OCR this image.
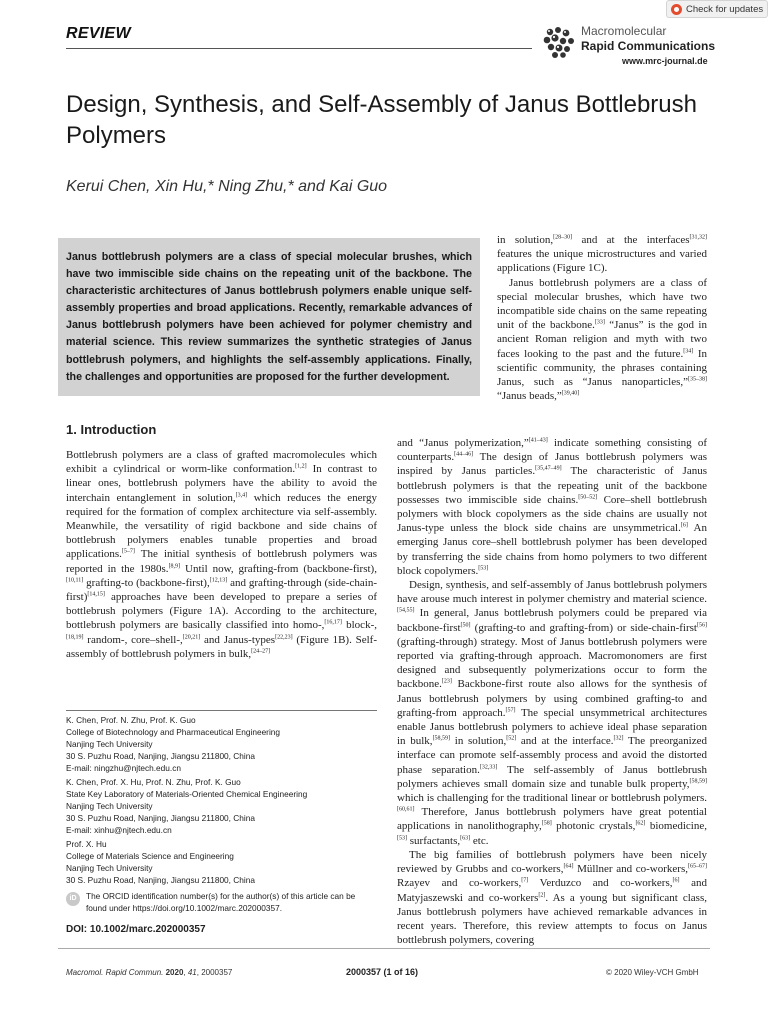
Check for updates
REVIEW	Macromolecular
Rapid Communications
www.mrc-journal.de
Design, Synthesis, and Self-Assembly of Janus Bottlebrush Polymers
Kerui Chen, Xin Hu,* Ning Zhu,* and Kai Guo

Janus bottlebrush polymers are a class of special molecular brushes, which have two immiscible side chains on the repeating unit of the backbone. The characteristic architectures of Janus bottlebrush polymers enable unique self-assembly properties and broad applications. Recently, remarkable advances of Janus bottlebrush polymers have been achieved for polymer chemistry and material science. This review summarizes the synthetic strategies of Janus bottlebrush polymers, and highlights the self-assembly applications. Finally, the challenges and opportunities are proposed for the further development.

1. Introduction

Bottlebrush polymers are a class of grafted macromolecules which exhibit a cylindrical or worm-like conformation.[1,2] In contrast to linear ones, bottlebrush polymers have the ability to avoid the interchain entanglement in solution,[3,4] which reduces the energy required for the formation of complex architecture via self-assembly. Meanwhile, the versatility of rigid backbone and side chains of bottlebrush polymers enables tunable properties and broad applications.[5–7] The initial synthesis of bottlebrush polymers was reported in the 1980s.[8,9] Until now, grafting-from (backbone-first),[10,11] grafting-to (backbone-first),[12,13] and grafting-through (side-chain-first)[14,15] approaches have been developed to prepare a series of bottlebrush polymers (Figure 1A). According to the architecture, bottlebrush polymers are basically classified into homo-,[16,17] block-,[18,19] random-, core–shell-,[20,21] and Janus-types[22,23] (Figure 1B). Self-assembly of bottlebrush polymers in bulk,[24–27]

in solution,[28–30] and at the interfaces[31,32] features the unique microstructures and varied applications (Figure 1C).

Janus bottlebrush polymers are a class of special molecular brushes, which have two incompatible side chains on the same repeating unit of the backbone.[33] “Janus” is the god in ancient Roman religion and myth with two faces looking to the past and the future.[34] In scientific community, the phrases containing Janus, such as “Janus nanoparticles,”[35–38] “Janus beads,”[39,40]

and “Janus polymerization,”[41–43] indicate something consisting of counterparts.[44–46] The design of Janus bottlebrush polymers was inspired by Janus particles.[35,47–49] The characteristic of Janus bottlebrush polymers is that the repeating unit of the backbone possesses two immiscible side chains.[50–52] Core–shell bottlebrush polymers with block copolymers as the side chains are usually not Janus-type unless the block side chains are unsymmetrical.[6] An emerging Janus core–shell bottlebrush polymer has been developed by transferring the side chains from homo polymers to two different block copolymers.[53]

Design, synthesis, and self-assembly of Janus bottlebrush polymers have arouse much interest in polymer chemistry and material science.[54,55] In general, Janus bottlebrush polymers could be prepared via backbone-first[50] (grafting-to and grafting-from) or side-chain-first[56] (grafting-through) strategy. Most of Janus bottlebrush polymers were reported via grafting-through approach. Macromonomers are first designed and subsequently polymerizations occur to form the backbone.[23] Backbone-first route also allows for the synthesis of Janus bottlebrush polymers by using combined grafting-to and grafting-from approach.[57] The special unsymmetrical architectures enable Janus bottlebrush polymers to achieve ideal phase separation in bulk,[58,59] in solution,[52] and at the interface.[32] The preorganized interface can promote self-assembly process and avoid the distorted phase separation.[32,33] The self-assembly of Janus bottlebrush polymers achieves small domain size and tunable bulk property,[58,59] which is challenging for the traditional linear or bottlebrush polymers.[60,61] Therefore, Janus bottlebrush polymers have great potential applications in nanolithography,[58] photonic crystals,[62] biomedicine,[53] surfactants,[63] etc.

The big families of bottlebrush polymers have been nicely reviewed by Grubbs and co-workers,[64] Müllner and co-workers,[65–67] Rzayev and co-workers,[7] Verduzco and co-workers,[6] and Matyjaszewski and co-workers[2]. As a young but significant class, Janus bottlebrush polymers have achieved remarkable advances in recent years. Therefore, this review attempts to focus on Janus bottlebrush polymers, covering

K. Chen, Prof. N. Zhu, Prof. K. Guo
College of Biotechnology and Pharmaceutical Engineering
Nanjing Tech University
30 S. Puzhu Road, Nanjing, Jiangsu 211800, China
E-mail: ningzhu@njtech.edu.cn
K. Chen, Prof. X. Hu, Prof. N. Zhu, Prof. K. Guo
State Key Laboratory of Materials-Oriented Chemical Engineering
Nanjing Tech University
30 S. Puzhu Road, Nanjing, Jiangsu 211800, China
E-mail: xinhu@njtech.edu.cn
Prof. X. Hu
College of Materials Science and Engineering
Nanjing Tech University
30 S. Puzhu Road, Nanjing, Jiangsu 211800, China
iD	The ORCID identification number(s) for the author(s) of this article can be found under https://doi.org/10.1002/marc.202000357.
DOI: 10.1002/marc.202000357
Macromol. Rapid Commun. 2020, 41, 2000357	2000357 (1 of 16)	© 2020 Wiley-VCH GmbH
